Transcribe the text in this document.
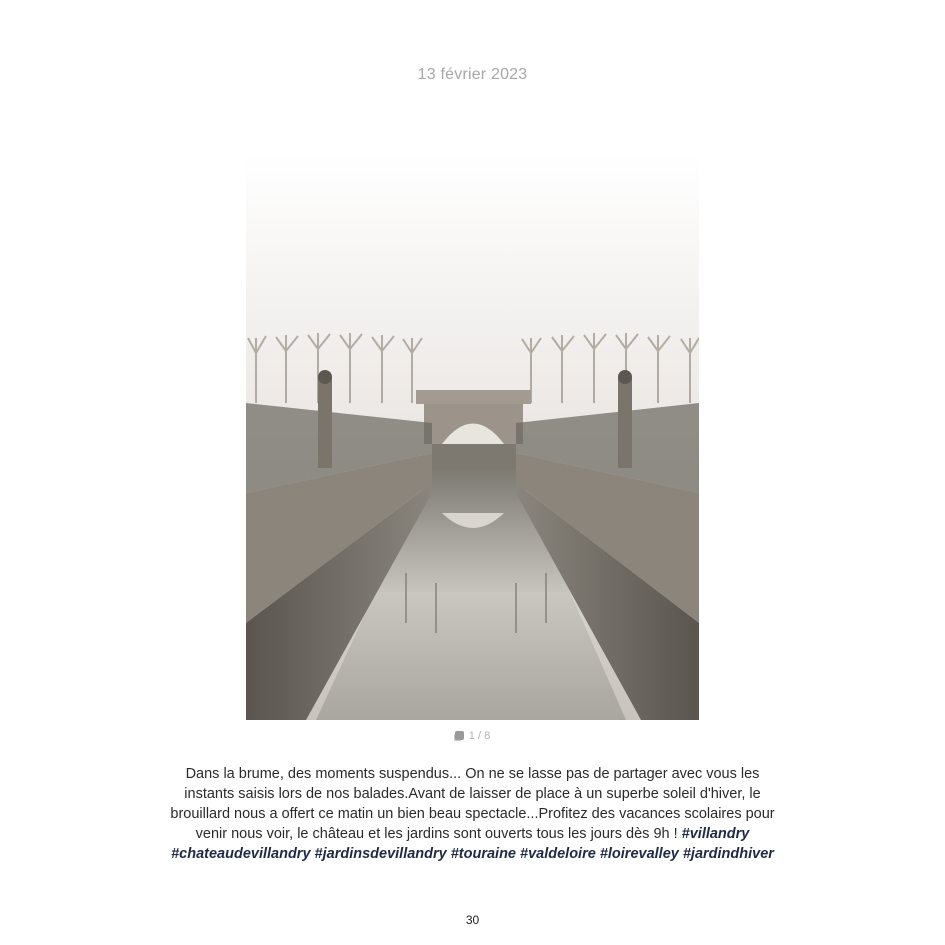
13 février 2023
1 / 8
Dans la brume, des moments suspendus... On ne se lasse pas de partager avec vous les instants saisis lors de nos balades.Avant de laisser de place à un superbe soleil d'hiver, le brouillard nous a offert ce matin un bien beau spectacle...Profitez des vacances scolaires pour venir nous voir, le château et les jardins sont ouverts tous les jours dès 9h ! #villandry #chateaudevillandry #jardinsdevillandry #touraine #valdeloire #loirevalley #jardindhiver
30
